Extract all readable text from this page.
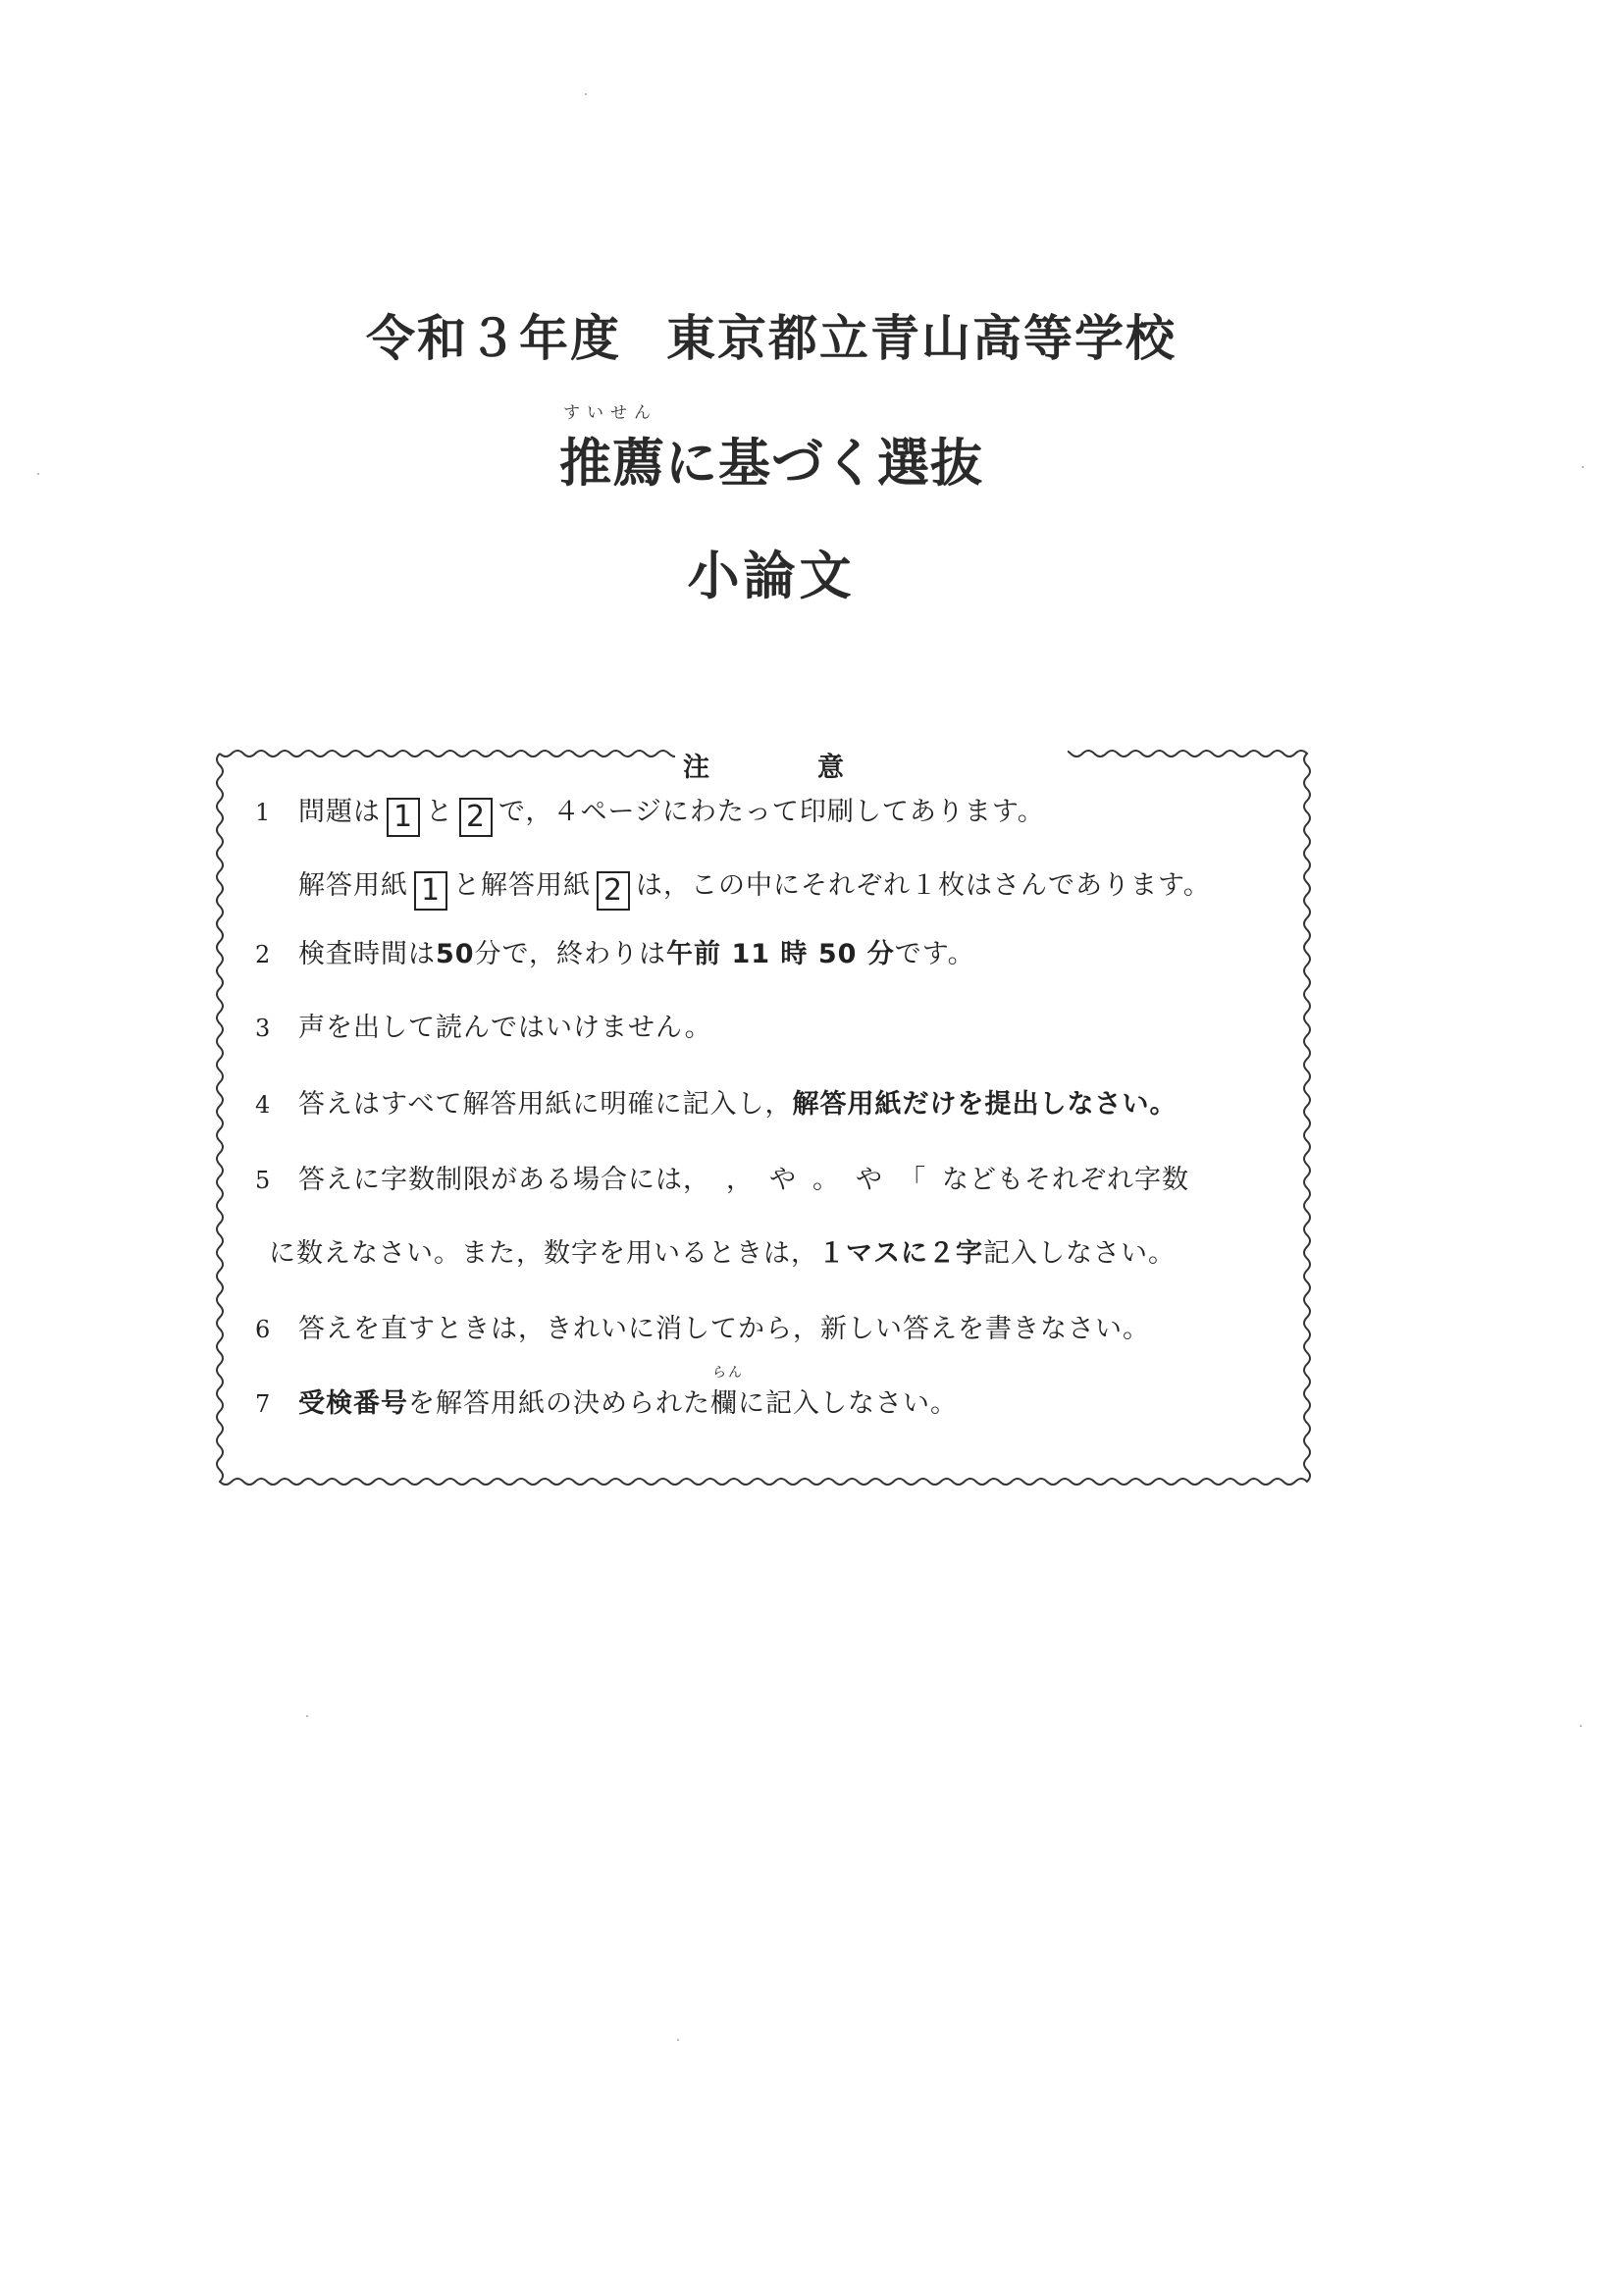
令和３年度 東京都立青山高等学校
すいせん
推薦に基づく選抜
小論文
注	意
1 問題は 1 と 2 で，４ページにわたって印刷してあります。
解答用紙 1 と解答用紙 2 は，この中にそれぞれ１枚はさんであります。
2 検査時間は50分で，終わりは午前 11 時 50 分です。
3 声を出して読んではいけません。
4 答えはすべて解答用紙に明確に記入し，解答用紙だけを提出しなさい。
5 答えに字数制限がある場合には， ， や 。 や 「 などもそれぞれ字数
に数えなさい。また，数字を用いるときは，１マスに２字記入しなさい。
6 答えを直すときは，きれいに消してから，新しい答えを書きなさい。
7 受検番号を解答用紙の決められた
らん
欄に記入しなさい。
